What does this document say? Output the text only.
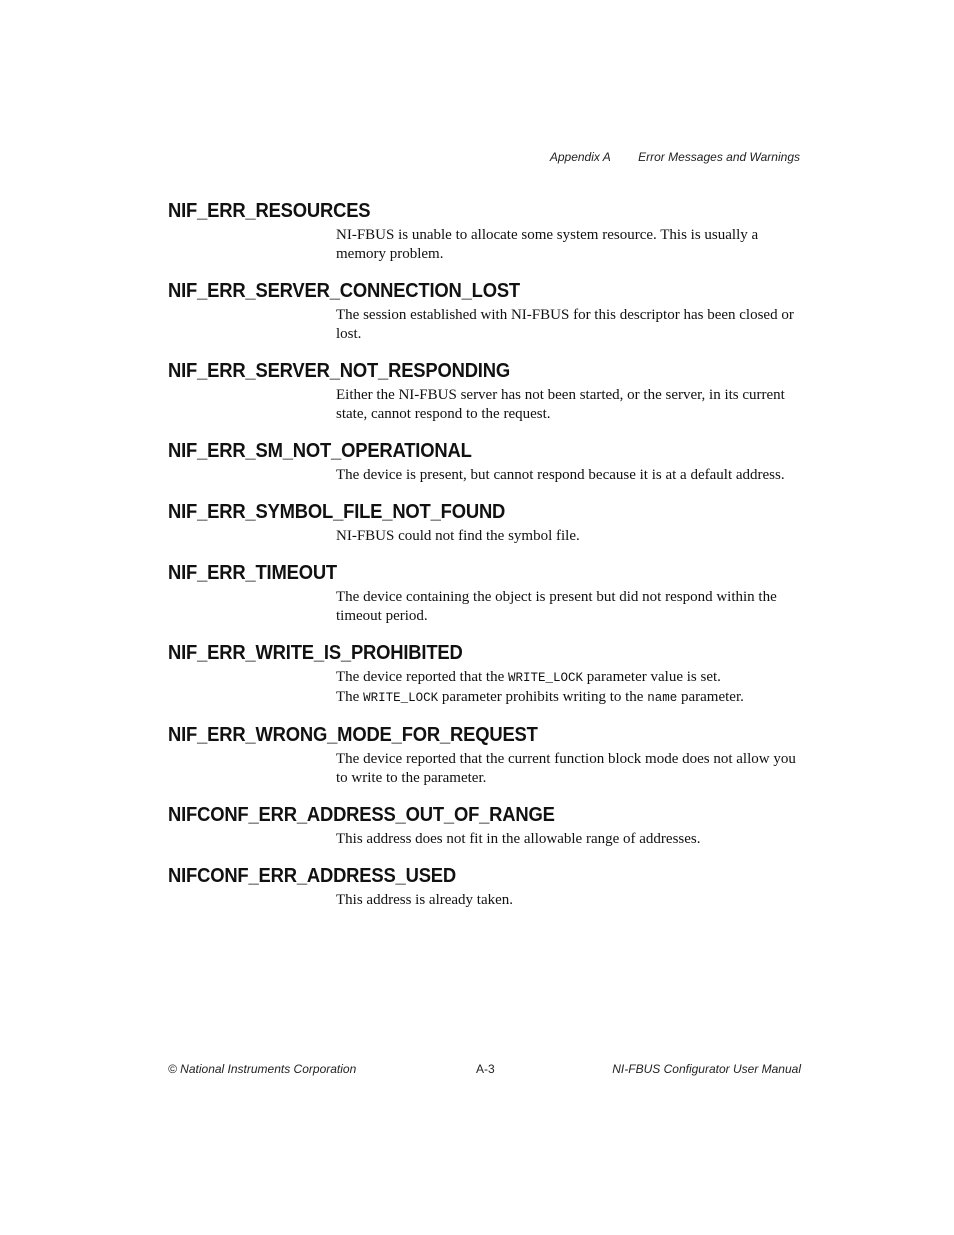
Appendix A Error Messages and Warnings
NIF_ERR_RESOURCES

NI-FBUS is unable to allocate some system resource. This is usually a memory problem.

NIF_ERR_SERVER_CONNECTION_LOST

The session established with NI-FBUS for this descriptor has been closed or lost.

NIF_ERR_SERVER_NOT_RESPONDING

Either the NI-FBUS server has not been started, or the server, in its current state, cannot respond to the request.

NIF_ERR_SM_NOT_OPERATIONAL

The device is present, but cannot respond because it is at a default address.

NIF_ERR_SYMBOL_FILE_NOT_FOUND

NI-FBUS could not find the symbol file.

NIF_ERR_TIMEOUT

The device containing the object is present but did not respond within the timeout period.

NIF_ERR_WRITE_IS_PROHIBITED

The device reported that the WRITE_LOCK parameter value is set.
The WRITE_LOCK parameter prohibits writing to the name parameter.

NIF_ERR_WRONG_MODE_FOR_REQUEST

The device reported that the current function block mode does not allow you to write to the parameter.

NIFCONF_ERR_ADDRESS_OUT_OF_RANGE

This address does not fit in the allowable range of addresses.

NIFCONF_ERR_ADDRESS_USED

This address is already taken.

© National Instruments Corporation	A-3	NI-FBUS Configurator User Manual
